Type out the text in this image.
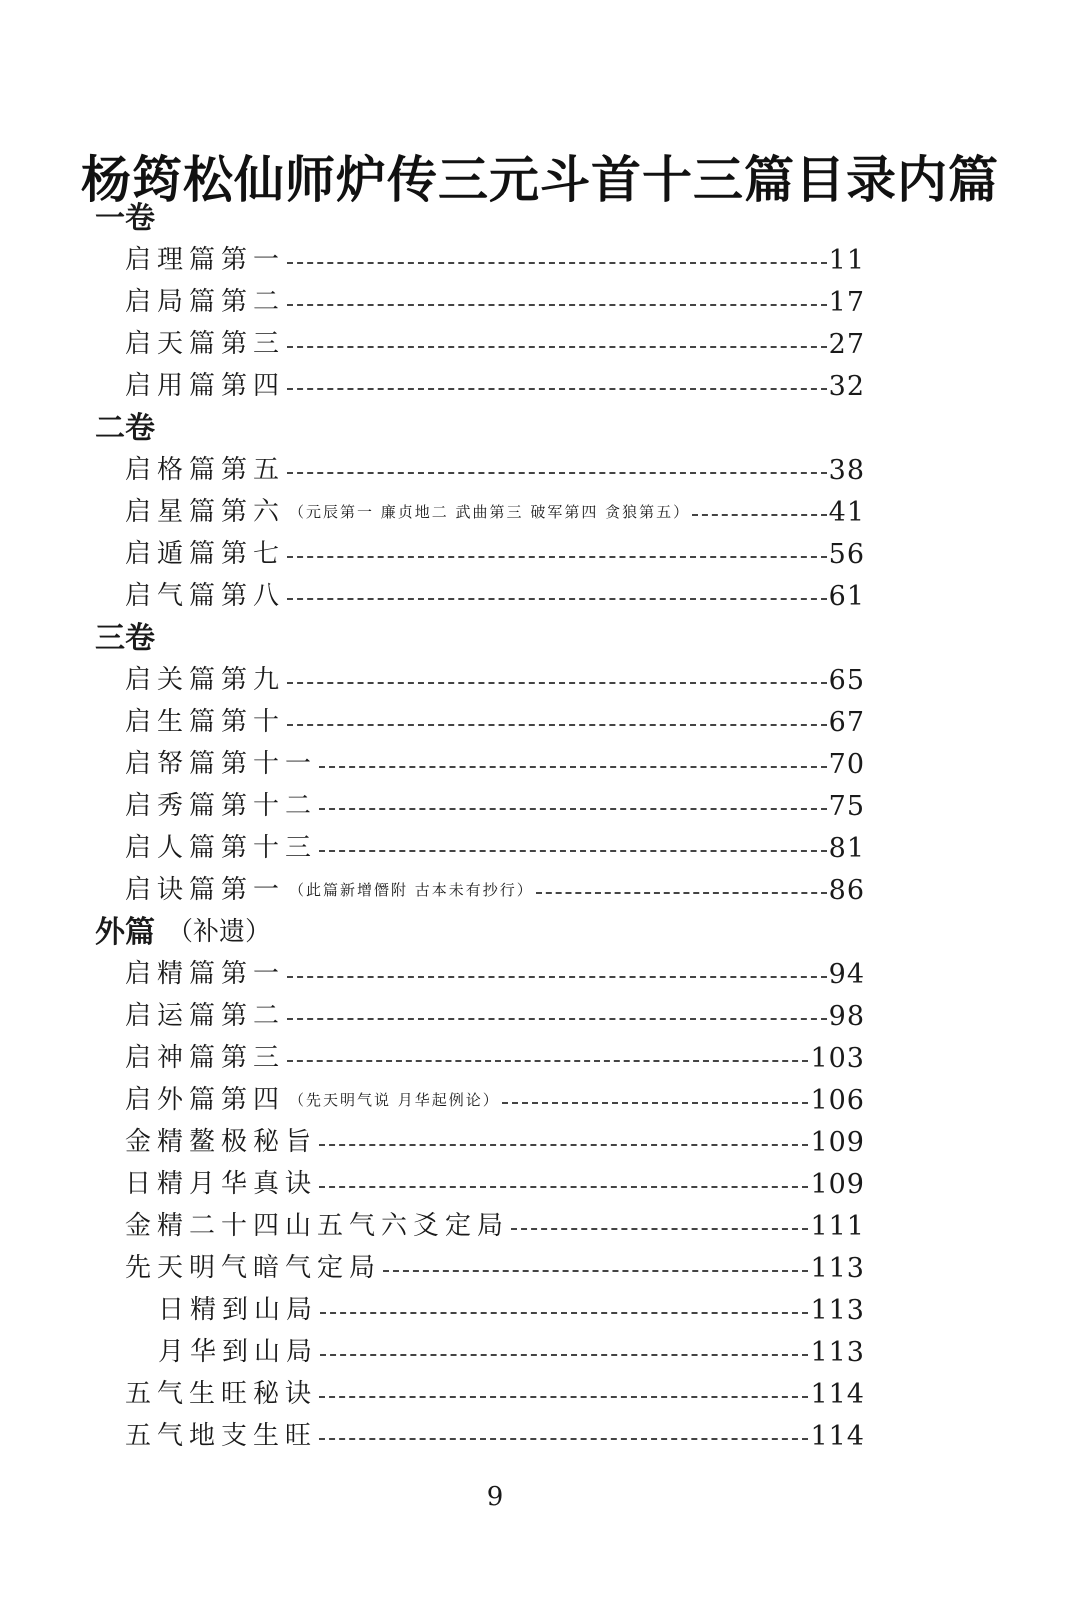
杨筠松仙师炉传三元斗首十三篇目录内篇
一卷
启理篇第一	11
启局篇第二	17
启天篇第三	27
启用篇第四	32
二卷
启格篇第五	38
启星篇第六 （元辰第一 廉贞地二 武曲第三 破军第四 贪狼第五）	41
启遁篇第七	56
启气篇第八	61
三卷
启关篇第九	65
启生篇第十	67
启帑篇第十一	70
启秀篇第十二	75
启人篇第十三	81
启诀篇第一 （此篇新增僭附 古本未有抄行）	86
外篇 （补遗）
启精篇第一	94
启运篇第二	98
启神篇第三	103
启外篇第四 （先天明气说 月华起例论）	106
金精鳌极秘旨	109
日精月华真诀	109
金精二十四山五气六爻定局	111
先天明气暗气定局	113
日精到山局	113
月华到山局	113
五气生旺秘诀	114
五气地支生旺	114
9
